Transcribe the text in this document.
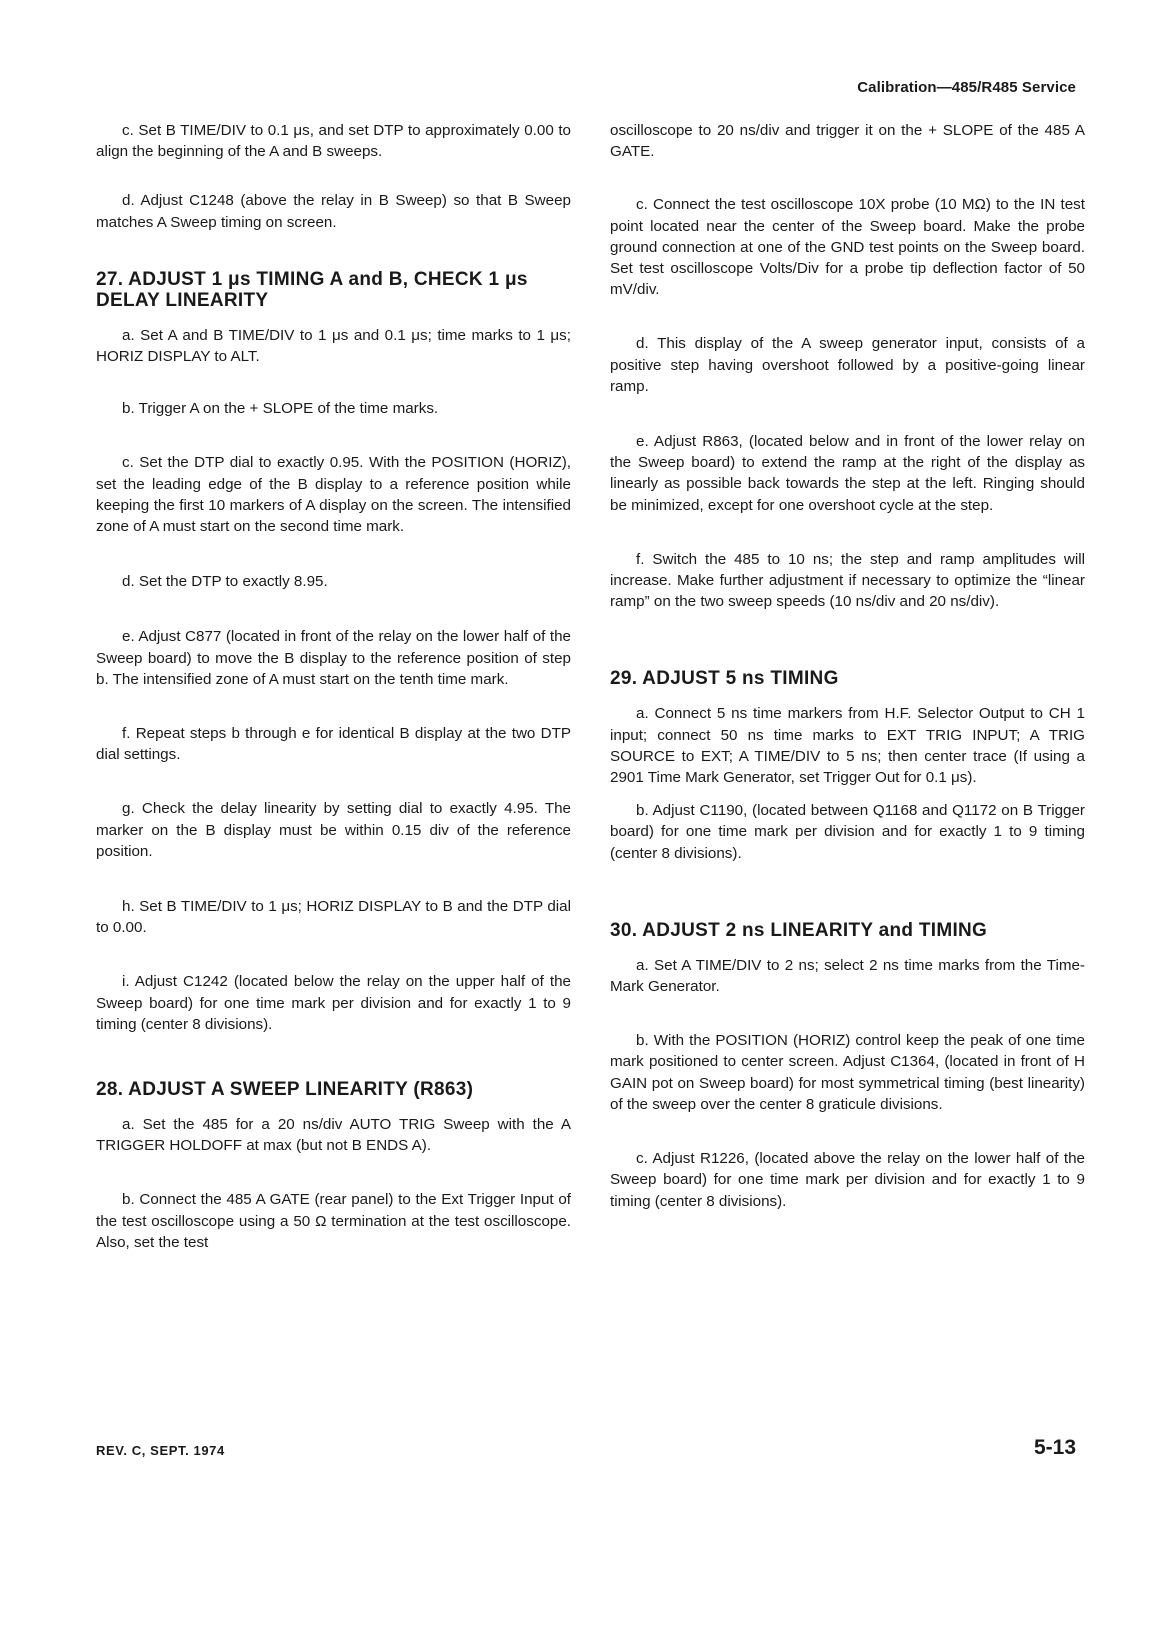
Calibration—485/R485 Service

c. Set B TIME/DIV to 0.1 μs, and set DTP to approximately 0.00 to align the beginning of the A and B sweeps.

d. Adjust C1248 (above the relay in B Sweep) so that B Sweep matches A Sweep timing on screen.

27. ADJUST 1 μs TIMING A and B, CHECK 1 μs DELAY LINEARITY

a. Set A and B TIME/DIV to 1 μs and 0.1 μs; time marks to 1 μs; HORIZ DISPLAY to ALT.

b. Trigger A on the + SLOPE of the time marks.

c. Set the DTP dial to exactly 0.95. With the POSITION (HORIZ), set the leading edge of the B display to a reference position while keeping the first 10 markers of A display on the screen. The intensified zone of A must start on the second time mark.

d. Set the DTP to exactly 8.95.

e. Adjust C877 (located in front of the relay on the lower half of the Sweep board) to move the B display to the reference position of step b. The intensified zone of A must start on the tenth time mark.

f. Repeat steps b through e for identical B display at the two DTP dial settings.

g. Check the delay linearity by setting dial to exactly 4.95. The marker on the B display must be within 0.15 div of the reference position.

h. Set B TIME/DIV to 1 μs; HORIZ DISPLAY to B and the DTP dial to 0.00.

i. Adjust C1242 (located below the relay on the upper half of the Sweep board) for one time mark per division and for exactly 1 to 9 timing (center 8 divisions).

28. ADJUST A SWEEP LINEARITY (R863)

a. Set the 485 for a 20 ns/div AUTO TRIG Sweep with the A TRIGGER HOLDOFF at max (but not B ENDS A).

b. Connect the 485 A GATE (rear panel) to the Ext Trigger Input of the test oscilloscope using a 50 Ω termination at the test oscilloscope. Also, set the test

oscilloscope to 20 ns/div and trigger it on the + SLOPE of the 485 A GATE.

c. Connect the test oscilloscope 10X probe (10 MΩ) to the IN test point located near the center of the Sweep board. Make the probe ground connection at one of the GND test points on the Sweep board. Set test oscilloscope Volts/Div for a probe tip deflection factor of 50 mV/div.

d. This display of the A sweep generator input, consists of a positive step having overshoot followed by a positive-going linear ramp.

e. Adjust R863, (located below and in front of the lower relay on the Sweep board) to extend the ramp at the right of the display as linearly as possible back towards the step at the left. Ringing should be minimized, except for one overshoot cycle at the step.

f. Switch the 485 to 10 ns; the step and ramp amplitudes will increase. Make further adjustment if necessary to optimize the “linear ramp” on the two sweep speeds (10 ns/div and 20 ns/div).

29. ADJUST 5 ns TIMING

a. Connect 5 ns time markers from H.F. Selector Output to CH 1 input; connect 50 ns time marks to EXT TRIG INPUT; A TRIG SOURCE to EXT; A TIME/DIV to 5 ns; then center trace (If using a 2901 Time Mark Generator, set Trigger Out for 0.1 μs).

b. Adjust C1190, (located between Q1168 and Q1172 on B Trigger board) for one time mark per division and for exactly 1 to 9 timing (center 8 divisions).

30. ADJUST 2 ns LINEARITY and TIMING

a. Set A TIME/DIV to 2 ns; select 2 ns time marks from the Time-Mark Generator.

b. With the POSITION (HORIZ) control keep the peak of one time mark positioned to center screen. Adjust C1364, (located in front of H GAIN pot on Sweep board) for most symmetrical timing (best linearity) of the sweep over the center 8 graticule divisions.

c. Adjust R1226, (located above the relay on the lower half of the Sweep board) for one time mark per division and for exactly 1 to 9 timing (center 8 divisions).

REV. C, SEPT. 1974	5-13
